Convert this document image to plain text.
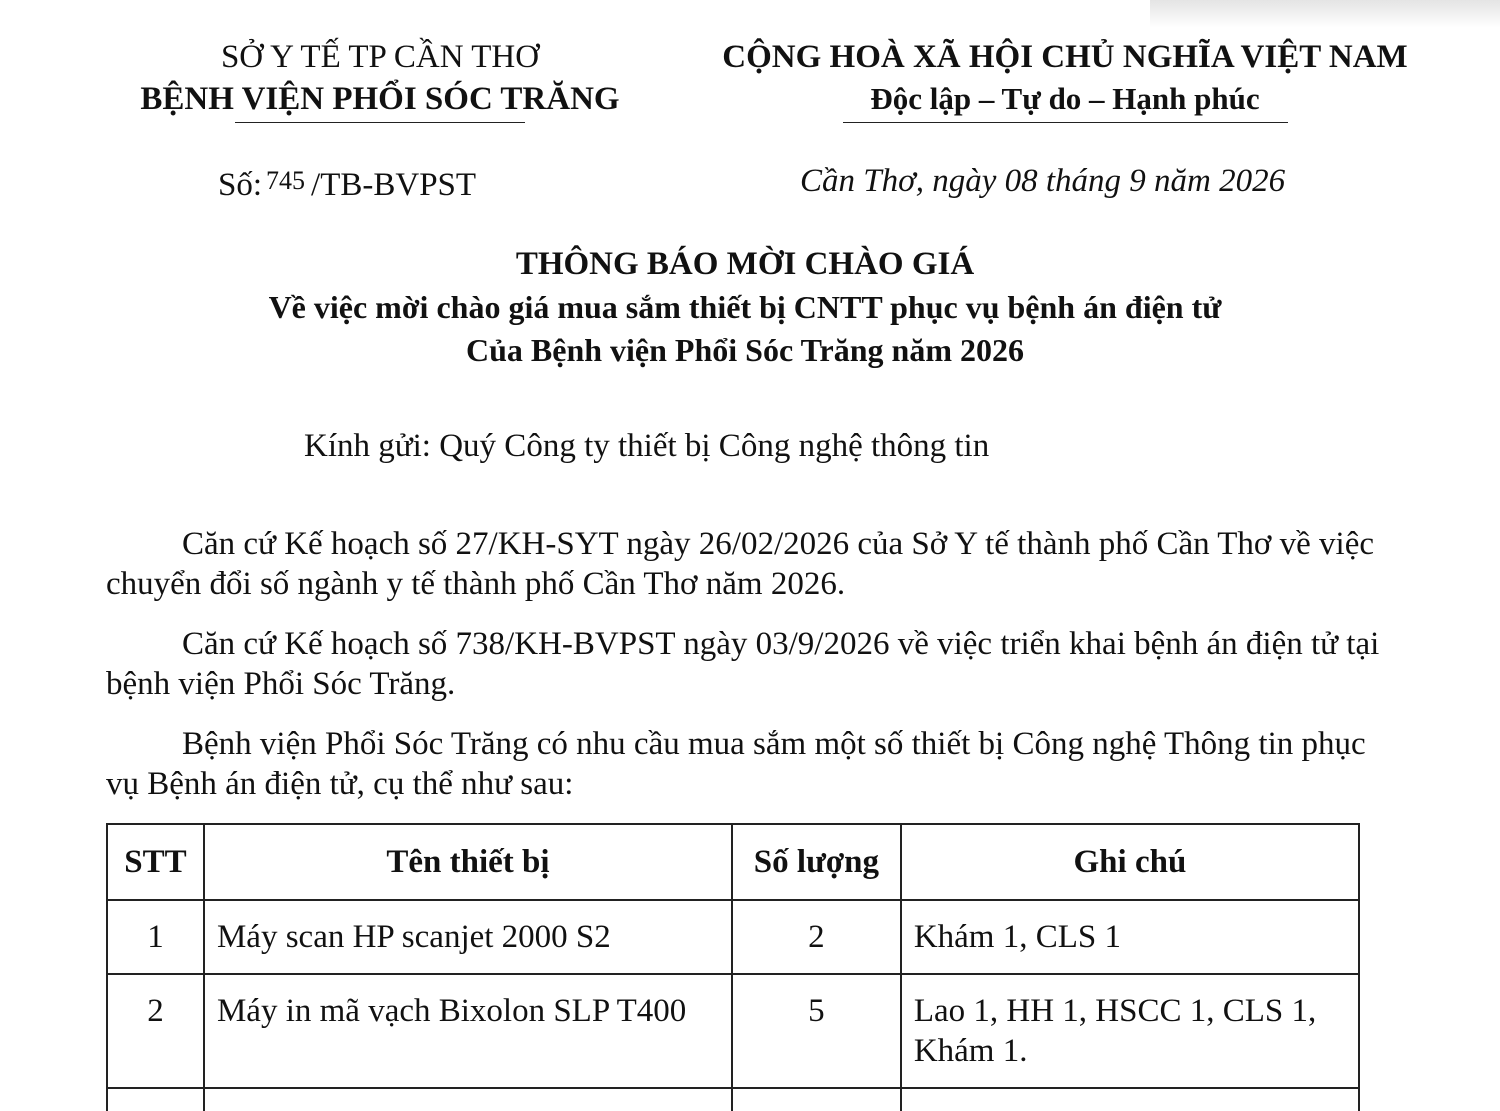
SỞ Y TẾ TP CẦN THƠ
BỆNH VIỆN PHỔI SÓC TRĂNG
CỘNG HOÀ XÃ HỘI CHỦ NGHĨA VIỆT NAM
Độc lập – Tự do – Hạnh phúc
Số: 745 /TB-BVPST	Cần Thơ, ngày 08 tháng 9 năm 2026
THÔNG BÁO MỜI CHÀO GIÁ
Về việc mời chào giá mua sắm thiết bị CNTT phục vụ bệnh án điện tử
Của Bệnh viện Phổi Sóc Trăng năm 2026
Kính gửi: Quý Công ty thiết bị Công nghệ thông tin

Căn cứ Kế hoạch số 27/KH-SYT ngày 26/02/2026 của Sở Y tế thành phố Cần Thơ về việc chuyển đổi số ngành y tế thành phố Cần Thơ năm 2026.

Căn cứ Kế hoạch số 738/KH-BVPST ngày 03/9/2026 về việc triển khai bệnh án điện tử tại bệnh viện Phổi Sóc Trăng.

Bệnh viện Phổi Sóc Trăng có nhu cầu mua sắm một số thiết bị Công nghệ Thông tin phục vụ Bệnh án điện tử, cụ thể như sau:

STT	Tên thiết bị	Số lượng	Ghi chú
1	Máy scan HP scanjet 2000 S2	2	Khám 1, CLS 1
2	Máy in mã vạch Bixolon SLP T400	5	Lao 1, HH 1, HSCC 1, CLS 1, Khám 1.
